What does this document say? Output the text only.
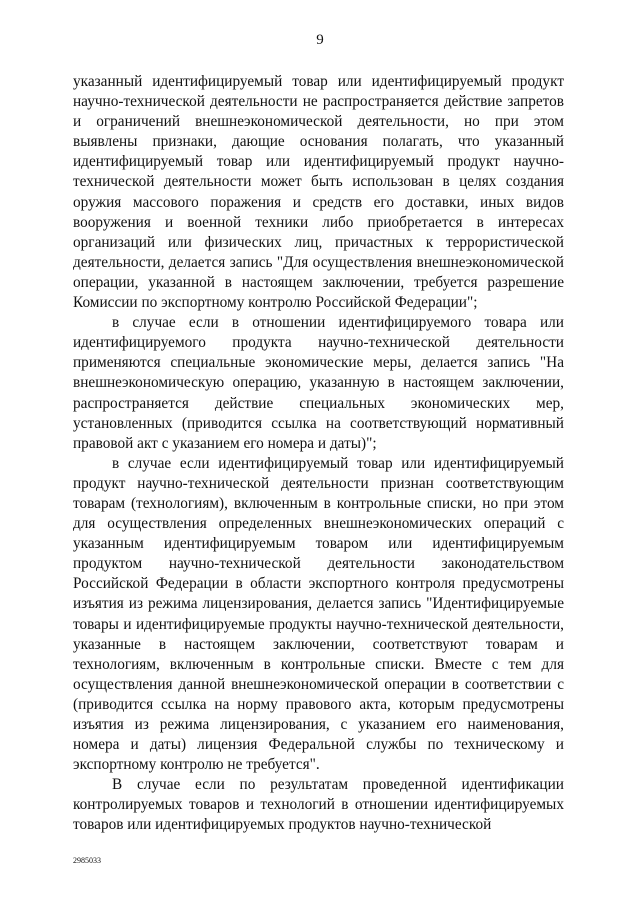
9

указанный идентифицируемый товар или идентифицируемый продукт научно-технической деятельности не распространяется действие запретов и ограничений внешнеэкономической деятельности, но при этом выявлены признаки, дающие основания полагать, что указанный идентифицируемый товар или идентифицируемый продукт научно-технической деятельности может быть использован в целях создания оружия массового поражения и средств его доставки, иных видов вооружения и военной техники либо приобретается в интересах организаций или физических лиц, причастных к террористической деятельности, делается запись "Для осуществления внешнеэкономической операции, указанной в настоящем заключении, требуется разрешение Комиссии по экспортному контролю Российской Федерации";

в случае если в отношении идентифицируемого товара или идентифицируемого продукта научно-технической деятельности применяются специальные экономические меры, делается запись "На внешнеэкономическую операцию, указанную в настоящем заключении, распространяется действие специальных экономических мер, установленных (приводится ссылка на соответствующий нормативный правовой акт с указанием его номера и даты)";

в случае если идентифицируемый товар или идентифицируемый продукт научно-технической деятельности признан соответствующим товарам (технологиям), включенным в контрольные списки, но при этом для осуществления определенных внешнеэкономических операций с указанным идентифицируемым товаром или идентифицируемым продуктом научно-технической деятельности законодательством Российской Федерации в области экспортного контроля предусмотрены изъятия из режима лицензирования, делается запись "Идентифицируемые товары и идентифицируемые продукты научно-технической деятельности, указанные в настоящем заключении, соответствуют товарам и технологиям, включенным в контрольные списки. Вместе с тем для осуществления данной внешнеэкономической операции в соответствии с (приводится ссылка на норму правового акта, которым предусмотрены изъятия из режима лицензирования, с указанием его наименования, номера и даты) лицензия Федеральной службы по техническому и экспортному контролю не требуется".

В случае если по результатам проведенной идентификации контролируемых товаров и технологий в отношении идентифицируемых товаров или идентифицируемых продуктов научно-технической

2985033
